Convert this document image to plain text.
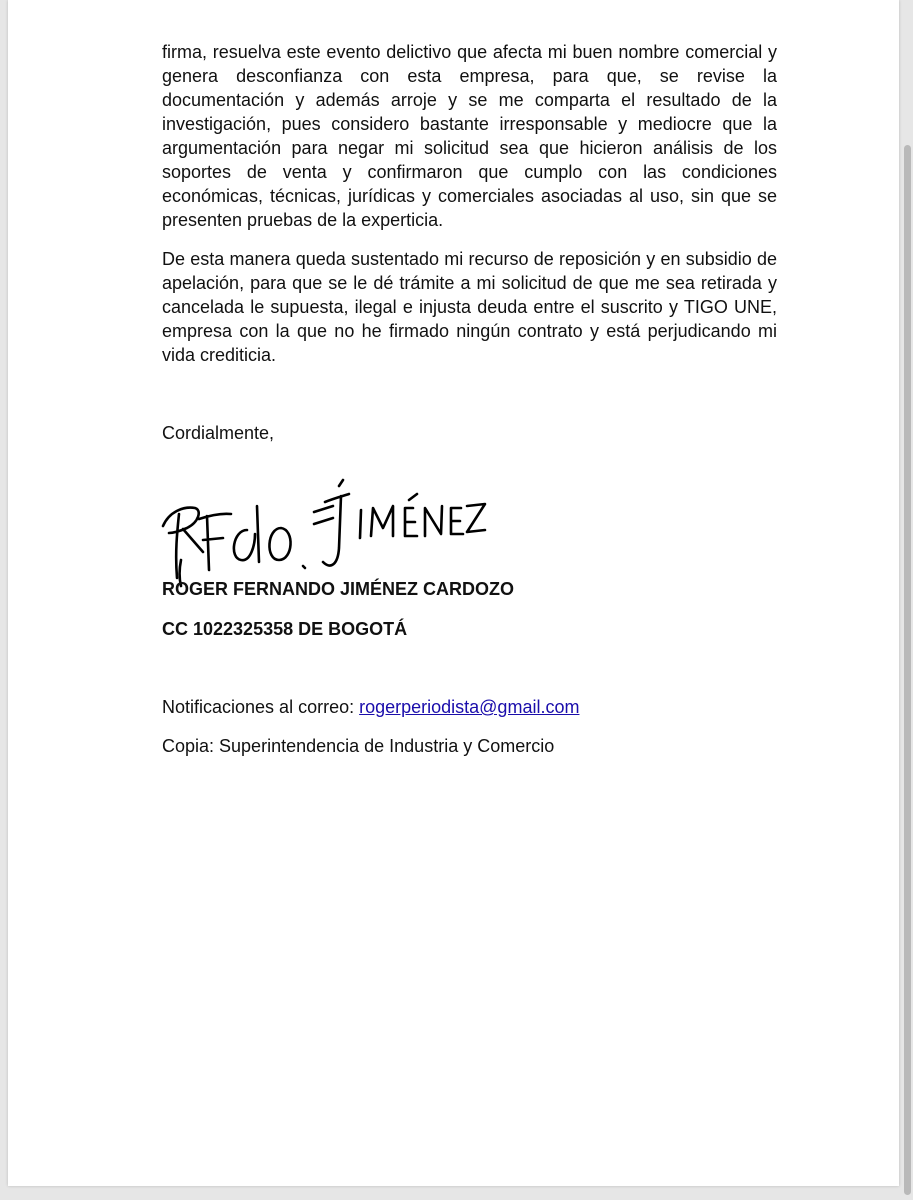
firma, resuelva este evento delictivo que afecta mi buen nombre comercial y genera desconfianza con esta empresa, para que, se revise la documentación y además arroje y se me comparta el resultado de la investigación, pues considero bastante irresponsable y mediocre que la argumentación para negar mi solicitud sea que hicieron análisis de los soportes de venta y confirmaron que cumplo con las condiciones económicas, técnicas, jurídicas y comerciales asociadas al uso, sin que se presenten pruebas de la experticia.

De esta manera queda sustentado mi recurso de reposición y en subsidio de apelación, para que se le dé trámite a mi solicitud de que me sea retirada y cancelada le supuesta, ilegal e injusta deuda entre el suscrito y TIGO UNE, empresa con la que no he firmado ningún contrato y está perjudicando mi vida crediticia.

Cordialmente,
Rfdo. JIMÉNEZ
ROGER FERNANDO JIMÉNEZ CARDOZO
CC 1022325358 DE BOGOTÁ
Notificaciones al correo: rogerperiodista@gmail.com
Copia: Superintendencia de Industria y Comercio
